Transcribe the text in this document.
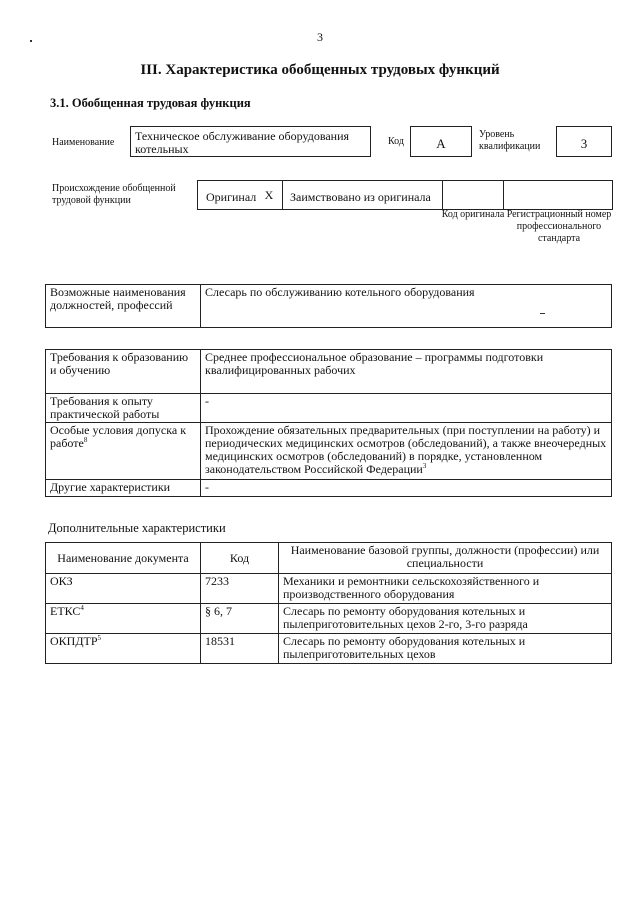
3
III. Характеристика обобщенных трудовых функций
3.1. Обобщенная трудовая функция
Наименование	Техническое обслуживание оборудования котельных
Код	A
Уровень квалификации	3
Происхождение обобщенной трудовой функции	Оригинал X	Заимствовано из оригинала
Код оригинала Регистрационный номер профессионального стандарта
Возможные наименования должностей, профессий	Слесарь по обслуживанию котельного оборудования
Требования к образованию и обучению	Среднее профессиональное образование – программы подготовки квалифицированных рабочих
Требования к опыту практической работы	-
Особые условия допуска к работе$^8$	Прохождение обязательных предварительных (при поступлении на работу) и периодических медицинских осмотров (обследований), а также внеочередных медицинских осмотров (обследований) в порядке, установленном законодательством Российской Федерации$^3$
Другие характеристики	-
Дополнительные характеристики
Наименование документа	Код	Наименование базовой группы, должности (профессии) или специальности
ОКЗ	7233	Механики и ремонтники сельскохозяйственного и производственного оборудования
ЕТКС$^4$	§ 6, 7	Слесарь по ремонту оборудования котельных и пылеприготовительных цехов 2-го, 3-го разряда
ОКПДТР$^5$	18531	Слесарь по ремонту оборудования котельных и пылеприготовительных цехов
